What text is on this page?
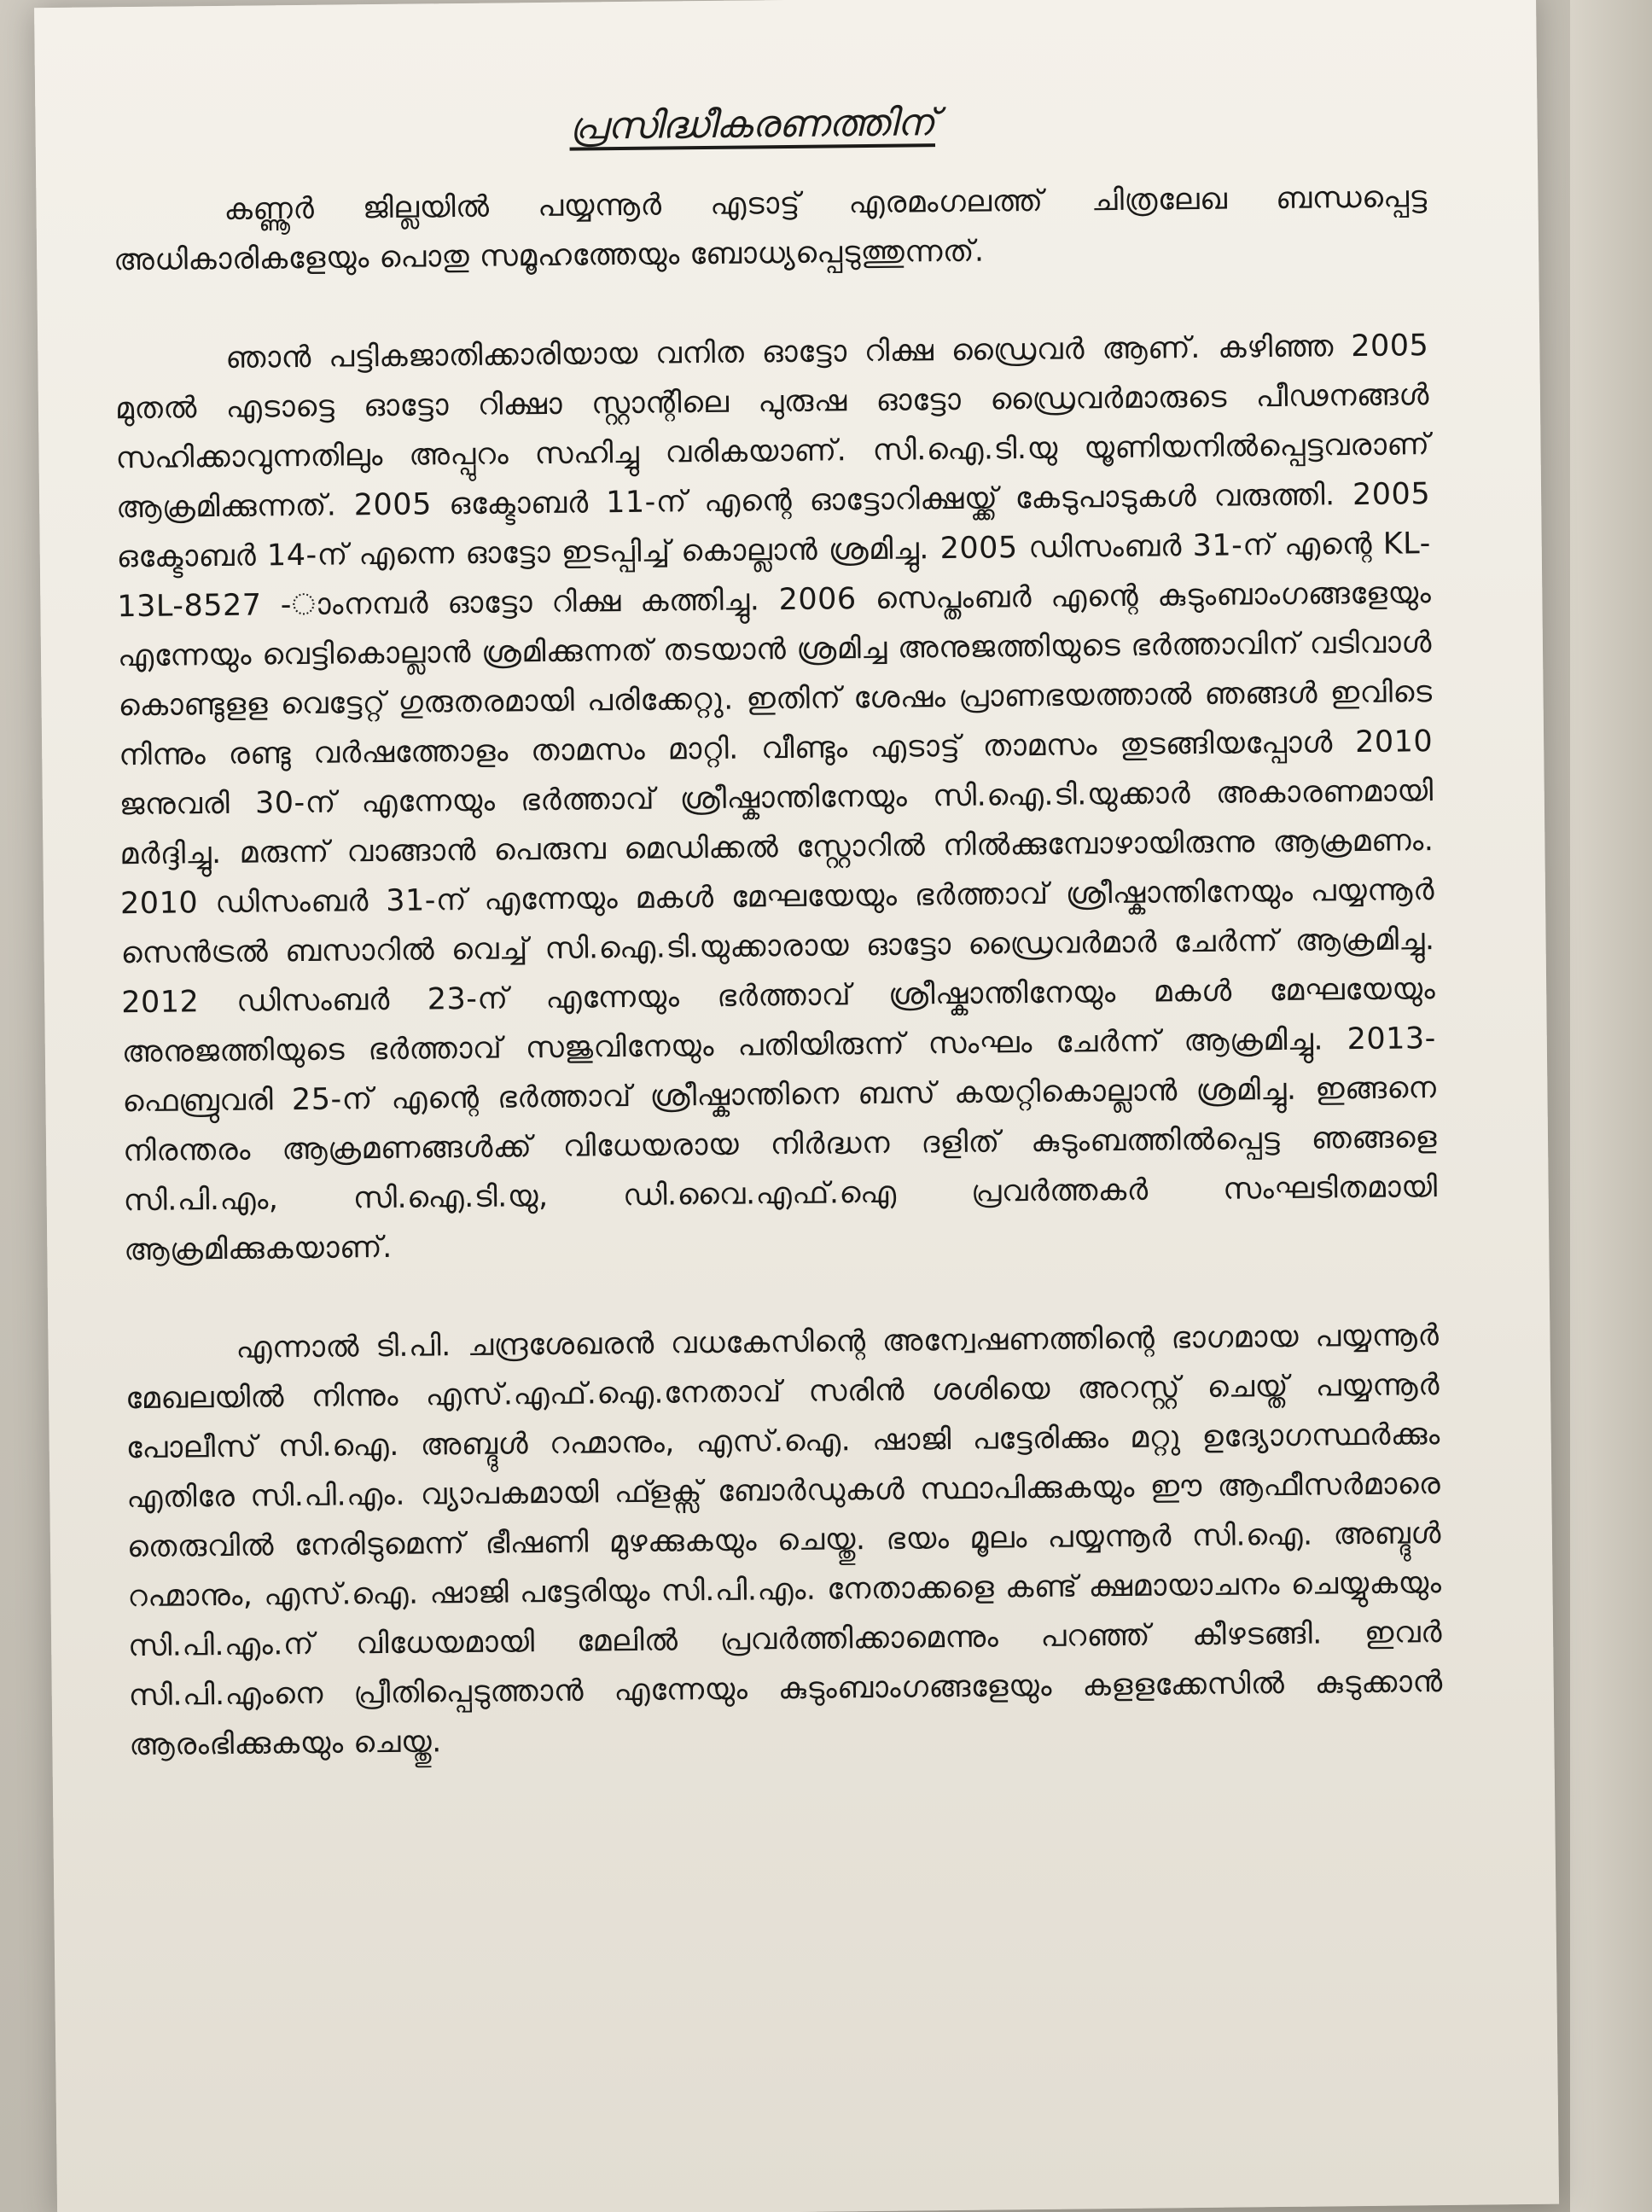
പ്രസിദ്ധീകരണത്തിന്

കണ്ണൂർ ജില്ലയിൽ പയ്യന്നൂർ എടാട്ട് എരമംഗലത്ത് ചിത്രലേഖ ബന്ധപ്പെട്ട അധികാരികളേയും പൊതു സമൂഹത്തേയും ബോധ്യപ്പെടുത്തുന്നത്.

ഞാൻ പട്ടികജാതിക്കാരിയായ വനിത ഓട്ടോ റിക്ഷ ഡ്രൈവർ ആണ്. കഴിഞ്ഞ 2005 മുതൽ എടാട്ടെ ഓട്ടോ റിക്ഷാ സ്റ്റാന്റിലെ പുരുഷ ഓട്ടോ ഡ്രൈവർമാരുടെ പീഢനങ്ങൾ സഹിക്കാവുന്നതിലും അപ്പുറം സഹിച്ചു വരികയാണ്. സി.ഐ.ടി.യു യൂണിയനിൽപ്പെട്ടവരാണ് ആക്രമിക്കുന്നത്. 2005 ഒക്ടോബർ 11-ന് എന്റെ ഓട്ടോറിക്ഷയ്ക്ക് കേടുപാടുകൾ വരുത്തി. 2005 ഒക്ടോബർ 14-ന് എന്നെ ഓട്ടോ ഇടപ്പിച്ച് കൊല്ലാൻ ശ്രമിച്ചു. 2005 ഡിസംബർ 31-ന് എന്റെ KL-13L-8527 -ാംനമ്പർ ഓട്ടോ റിക്ഷ കത്തിച്ചു. 2006 സെപ്തംബർ എന്റെ കുടുംബാംഗങ്ങളേയും എന്നേയും വെട്ടികൊല്ലാൻ ശ്രമിക്കുന്നത് തടയാൻ ശ്രമിച്ച അനുജത്തിയുടെ ഭർത്താവിന് വടിവാൾ കൊണ്ടുളള വെട്ടേറ്റ് ഗുരുതരമായി പരിക്കേറ്റു. ഇതിന് ശേഷം പ്രാണഭയത്താൽ ഞങ്ങൾ ഇവിടെ നിന്നും രണ്ടു വർഷത്തോളം താമസം മാറ്റി. വീണ്ടും എടാട്ട് താമസം തുടങ്ങിയപ്പോൾ 2010 ജനുവരി 30-ന് എന്നേയും ഭർത്താവ് ശ്രീഷ്കാന്തിനേയും സി.ഐ.ടി.യുക്കാർ അകാരണമായി മർദ്ദിച്ചു. മരുന്ന് വാങ്ങാൻ പെരുമ്പ മെഡിക്കൽ സ്റ്റോറിൽ നിൽക്കുമ്പോഴായിരുന്നു ആക്രമണം. 2010 ഡിസംബർ 31-ന് എന്നേയും മകൾ മേഘയേയും ഭർത്താവ് ശ്രീഷ്കാന്തിനേയും പയ്യന്നൂർ സെൻട്രൽ ബസാറിൽ വെച്ച് സി.ഐ.ടി.യുക്കാരായ ഓട്ടോ ഡ്രൈവർമാർ ചേർന്ന് ആക്രമിച്ചു. 2012 ഡിസംബർ 23-ന് എന്നേയും ഭർത്താവ് ശ്രീഷ്കാന്തിനേയും മകൾ മേഘയേയും അനുജത്തിയുടെ ഭർത്താവ് സജുവിനേയും പതിയിരുന്ന് സംഘം ചേർന്ന് ആക്രമിച്ചു. 2013- ഫെബ്രുവരി 25-ന് എന്റെ ഭർത്താവ് ശ്രീഷ്കാന്തിനെ ബസ് കയറ്റികൊല്ലാൻ ശ്രമിച്ചു. ഇങ്ങനെ നിരന്തരം ആക്രമണങ്ങൾക്ക് വിധേയരായ നിർദ്ധന ദളിത് കുടുംബത്തിൽപ്പെട്ട ഞങ്ങളെ സി.പി.എം, സി.ഐ.ടി.യു, ഡി.വൈ.എഫ്.ഐ പ്രവർത്തകർ സംഘടിതമായി ആക്രമിക്കുകയാണ്.

എന്നാൽ ടി.പി. ചന്ദ്രശേഖരൻ വധകേസിന്റെ അന്വേഷണത്തിന്റെ ഭാഗമായ പയ്യന്നൂർ മേഖലയിൽ നിന്നും എസ്.എഫ്.ഐ.നേതാവ് സരിൻ ശശിയെ അറസ്റ്റ് ചെയ്ത് പയ്യന്നൂർ പോലീസ് സി.ഐ. അബ്ദുൾ റഹ്മാനും, എസ്.ഐ. ഷാജി പട്ടേരിക്കും മറ്റു ഉദ്യോഗസ്ഥർക്കും എതിരേ സി.പി.എം. വ്യാപകമായി ഫ്ളക്സ് ബോർഡുകൾ സ്ഥാപിക്കുകയും ഈ ആഫീസർമാരെ തെരുവിൽ നേരിടുമെന്ന് ഭീഷണി മുഴക്കുകയും ചെയ്തു. ഭയം മൂലം പയ്യന്നൂർ സി.ഐ. അബ്ദുൾ റഹ്മാനും, എസ്.ഐ. ഷാജി പട്ടേരിയും സി.പി.എം. നേതാക്കളെ കണ്ട് ക്ഷമായാചനം ചെയ്യുകയും സി.പി.എം.ന് വിധേയമായി മേലിൽ പ്രവർത്തിക്കാമെന്നും പറഞ്ഞ് കീഴടങ്ങി. ഇവർ സി.പി.എംനെ പ്രീതിപ്പെടുത്താൻ എന്നേയും കുടുംബാംഗങ്ങളേയും കളളക്കേസിൽ കുടുക്കാൻ ആരംഭിക്കുകയും ചെയ്തു.
